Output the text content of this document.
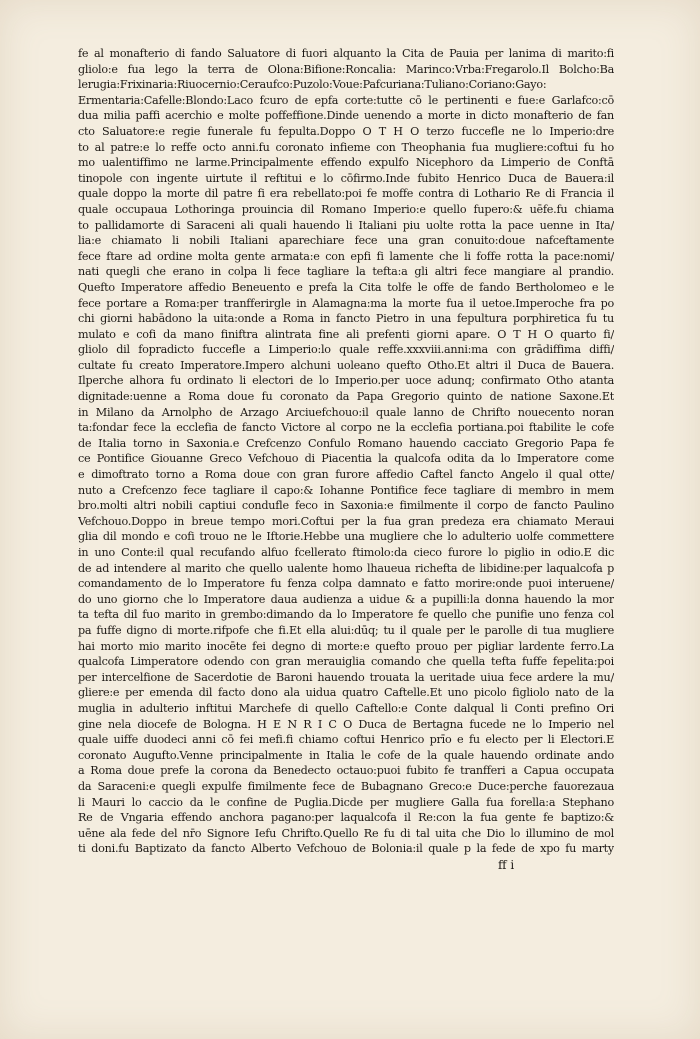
fe al monafterio di fando Saluatore di fuori alquanto la Cita de Pauia per lanima di marito:fi
gliolo:e fua lego la terra de Olona:Bifione:Roncalia: Marinco:Vrba:Fregarolo.Il Bolcho:Ba
lerugia:Frixinaria:Riuocernio:Ceraufco:Puzolo:Voue:Pafcuriana:Tuliano:Coriano:Gayo:
Ermentaria:Cafelle:Blondo:Laco fcuro de epfa corte:tutte cō le pertinenti e fue:e Garlafco:cō
dua milia paffi acerchio e molte poffeffione.Dinde uenendo a morte in dicto monafterio de fan
cto Saluatore:e regie funerale fu fepulta.Doppo O T H O terzo fuccefle ne lo Imperio:dre
to al patre:e lo reffe octo anni.fu coronato infieme con Theophania fua mugliere:coftui fu ho
mo ualentiffimo ne larme.Principalmente effendo expulfo Nicephoro da Limperio de Conftā
tinopole con ingente uirtute il reftitui e lo cōfirmo.Inde fubito Henrico Duca de Bauera:il
quale doppo la morte dil patre fi era rebellato:poi fe moffe contra di Lothario Re di Francia il
quale occupaua Lothoringa prouincia dil Romano Imperio:e quello fupero:& uēfe.fu chiama
to pallidamorte di Saraceni ali quali hauendo li Italiani piu uolte rotta la pace uenne in Ita/
lia:e chiamato li nobili Italiani aparechiare fece una gran conuito:doue nafceftamente
fece ftare ad ordine molta gente armata:e con epfi fi lamente che li foffe rotta la pace:nomi/
nati quegli che erano in colpa li fece tagliare la tefta:a gli altri fece mangiare al prandio.
Quefto Imperatore affedio Beneuento e prefa la Cita tolfe le offe de fando Bertholomeo e le
fece portare a Roma:per tranfferirgle in Alamagna:ma la morte fua il uetoe.Imperoche fra po
chi giorni habādono la uita:onde a Roma in fancto Pietro in una fepultura porphiretica fu tu
mulato e cofi da mano finiftra alintrata fine ali prefenti giorni apare. O T H O quarto fi/
gliolo dil fopradicto fuccefle a Limperio:lo quale reffe.xxxviii.anni:ma con grādiffima diffi/
cultate fu creato Imperatore.Impero alchuni uoleano quefto Otho.Et altri il Duca de Bauera.
Ilperche alhora fu ordinato li electori de lo Imperio.per uoce adunq; confirmato Otho atanta
dignitade:uenne a Roma doue fu coronato da Papa Gregorio quinto de natione Saxone.Et
in Milano da Arnolpho de Arzago Arciuefchouo:il quale lanno de Chrifto nouecento noran
ta:fondar fece la ecclefia de fancto Victore al corpo ne la ecclefia portiana.poi ftabilite le cofe
de Italia torno in Saxonia.e Crefcenzo Confulo Romano hauendo cacciato Gregorio Papa fe
ce Pontifice Giouanne Greco Vefchouo di Piacentia la qualcofa odita da lo Imperatore come
e dimoftrato torno a Roma doue con gran furore affedio Caftel fancto Angelo il qual otte/
nuto a Crefcenzo fece tagliare il capo:& Iohanne Pontifice fece tagliare di membro in mem
bro.molti altri nobili captiui condufle feco in Saxonia:e fimilmente il corpo de fancto Paulino
Vefchouo.Doppo in breue tempo mori.Coftui per la fua gran predeza era chiamato Meraui
glia dil mondo e cofi trouo ne le Iftorie.Hebbe una mugliere che lo adulterio uolfe commettere
in uno Conte:il qual recufando alfuo fcellerato ftimolo:da cieco furore lo piglio in odio.E dic
de ad intendere al marito che quello ualente homo lhaueua richefta de libidine:per laqualcofa p
comandamento de lo Imperatore fu fenza colpa damnato e fatto morire:onde puoi interuene/
do uno giorno che lo Imperatore daua audienza a uidue & a pupilli:la donna hauendo la mor
ta tefta dil fuo marito in grembo:dimando da lo Imperatore fe quello che punifie uno fenza col
pa fuffe digno di morte.rifpofe che fi.Et ella alui:dūq; tu il quale per le parolle di tua mugliere
hai morto mio marito inocēte fei degno di morte:e quefto prouo per pigliar lardente ferro.La
qualcofa Limperatore odendo con gran merauiglia comando che quella tefta fuffe fepelita:poi
per intercelfione de Sacerdotie de Baroni hauendo trouata la ueritade uiua fece ardere la mu/
gliere:e per emenda dil facto dono ala uidua quatro Caftelle.Et uno picolo figliolo nato de la
muglia in adulterio inftitui Marchefe di quello Caftello:e Conte dalqual li Conti prefino Ori
gine nela diocefe de Bologna. H E N R I C O Duca de Bertagna fucede ne lo Imperio nel
quale uiffe duodeci anni cō fei mefi.fi chiamo coftui Henrico prīo e fu electo per li Electori.E
coronato Augufto.Venne principalmente in Italia le cofe de la quale hauendo ordinate ando
a Roma doue prefe la corona da Benedecto octauo:puoi fubito fe tranfferi a Capua occupata
da Saraceni:e quegli expulfe fimilmente fece de Bubagnano Greco:e Duce:perche fauorezaua
li Mauri lo caccio da le confine de Puglia.Dicde per mugliere Galla fua forella:a Stephano
Re de Vngaria effendo anchora pagano:per laqualcofa il Re:con la fua gente fe baptizo:&
uēne ala fede del nr̄o Signore Iefu Chrifto.Quello Re fu di tal uita che Dio lo illumino de mol
ti doni.fu Baptizato da fancto Alberto Vefchouo de Bolonia:il quale p la fede de xpo fu marty
ff i
